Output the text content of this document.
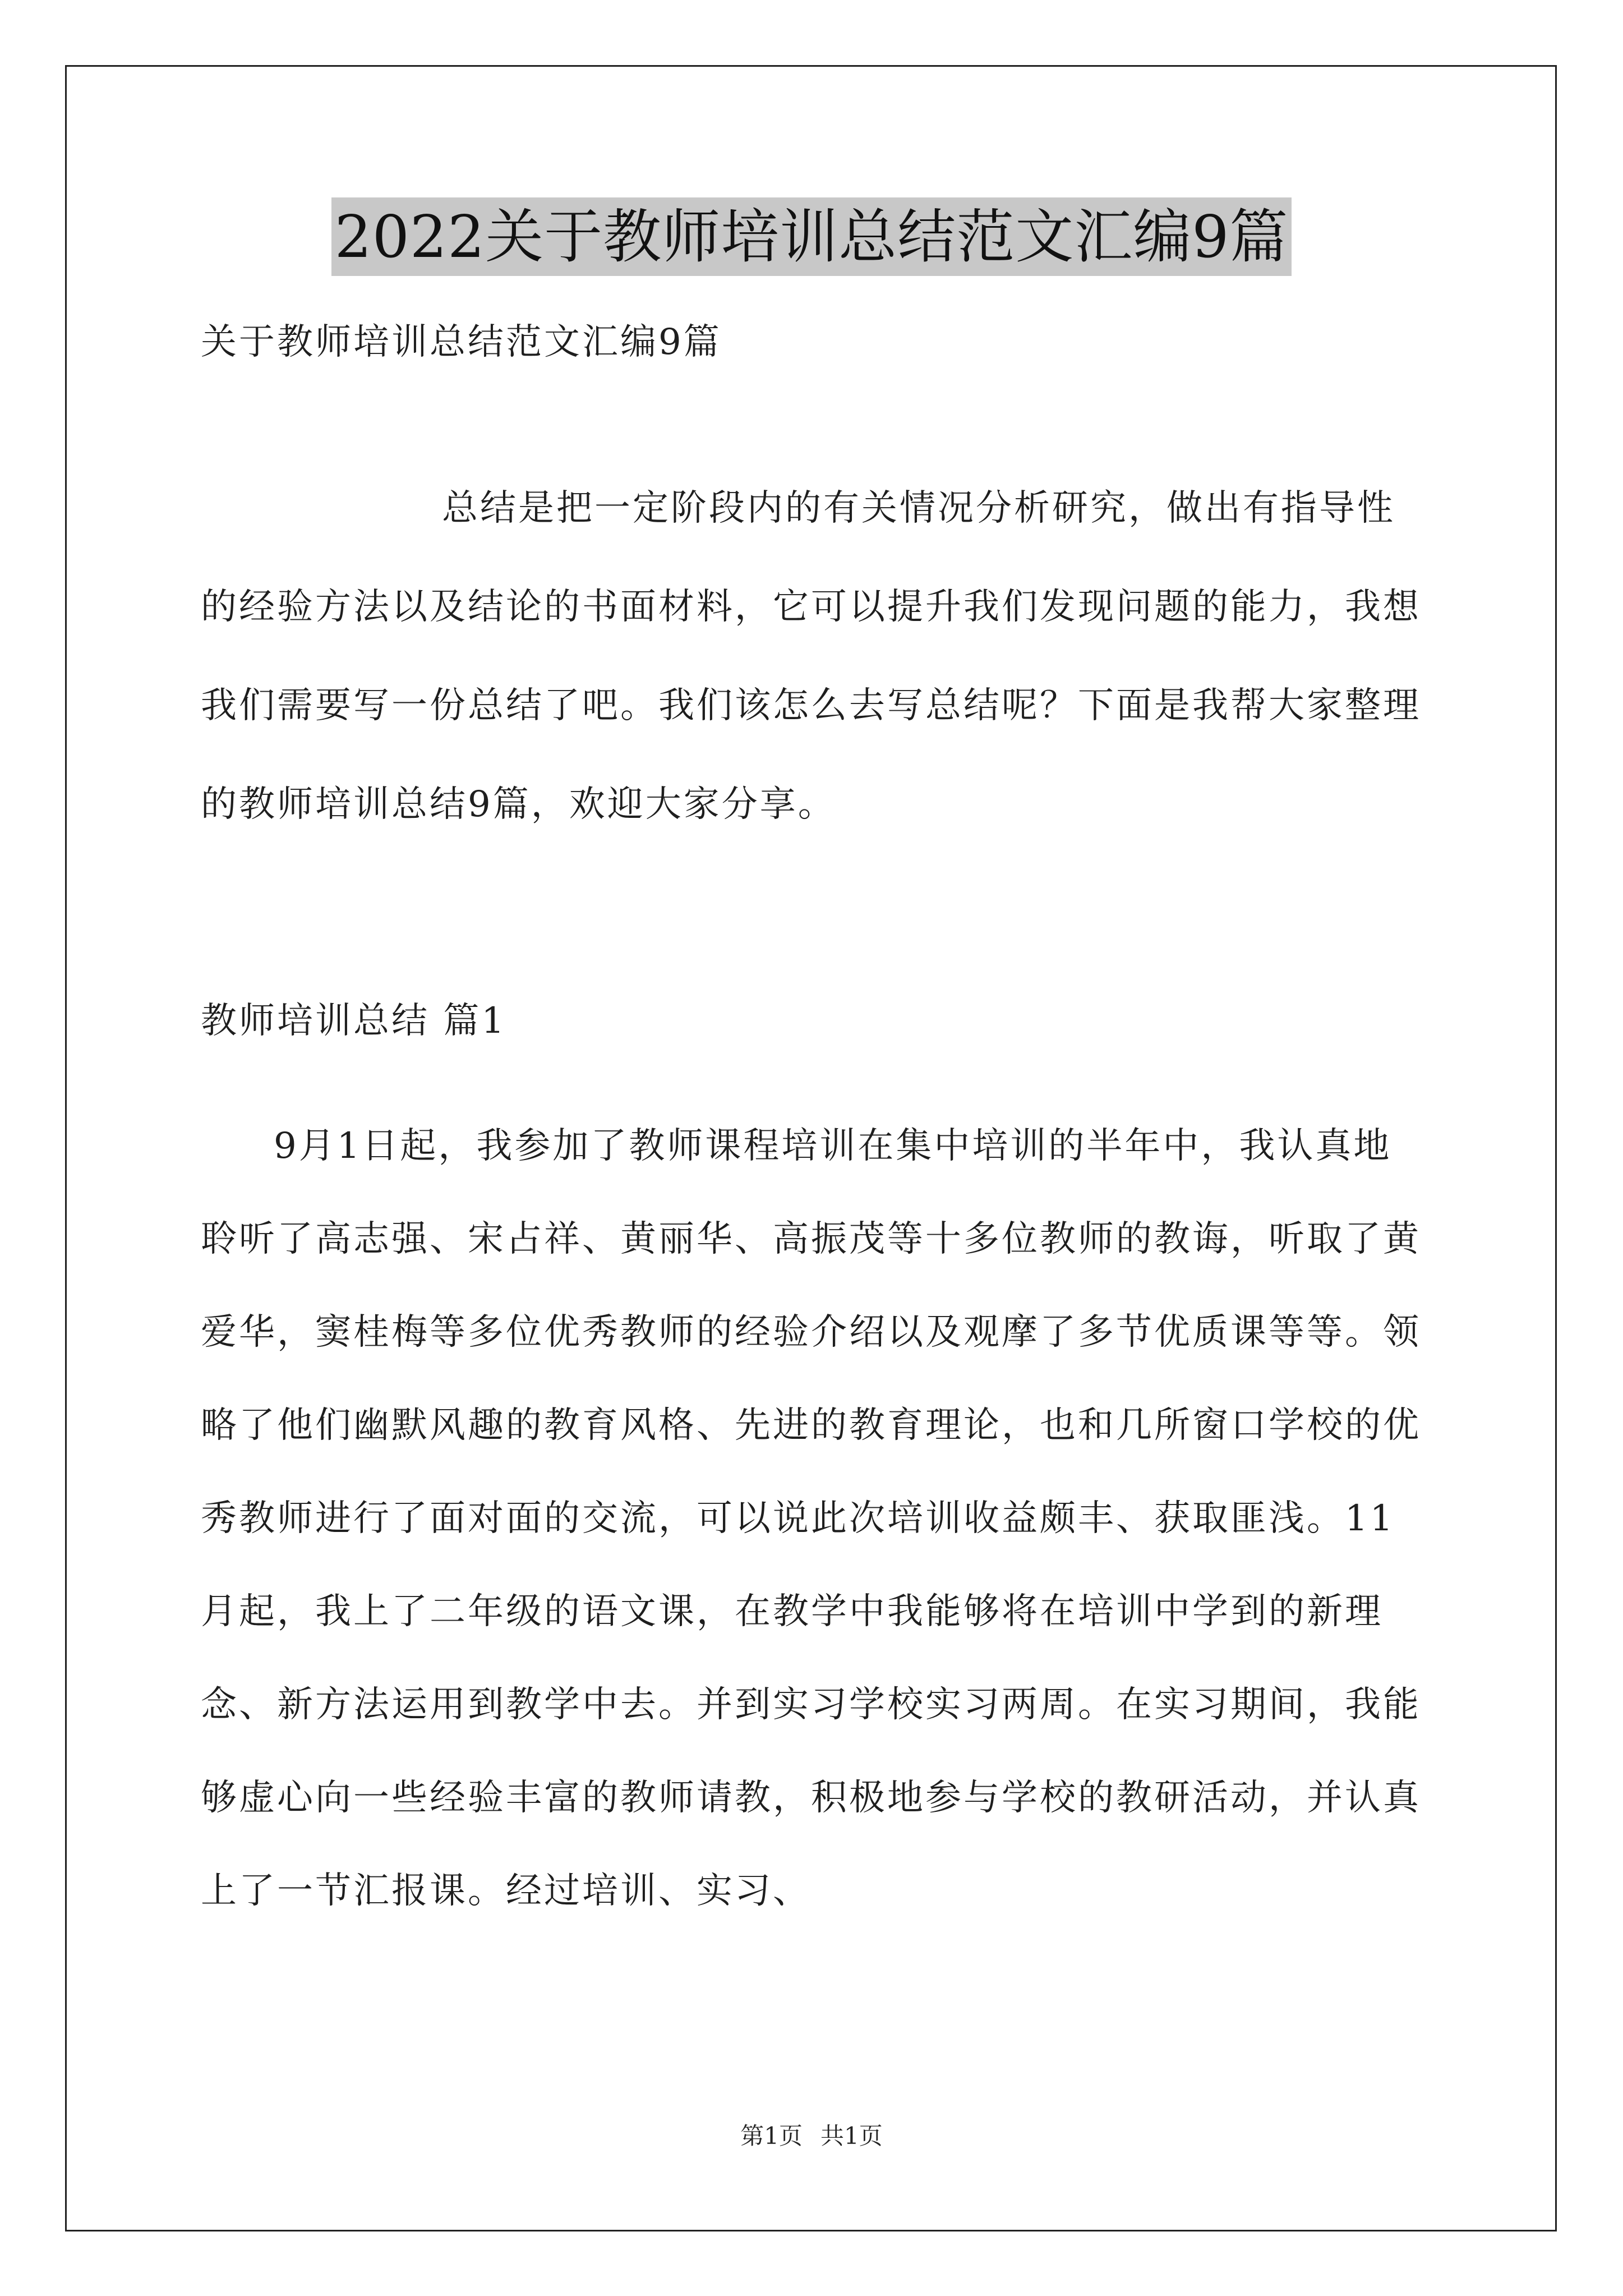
2022关于教师培训总结范文汇编9篇
关于教师培训总结范文汇编9篇
总结是把一定阶段内的有关情况分析研究，做出有指导性的经验方法以及结论的书面材料，它可以提升我们发现问题的能力，我想我们需要写一份总结了吧。我们该怎么去写总结呢？下面是我帮大家整理的教师培训总结9篇，欢迎大家分享。
教师培训总结 篇1
9月1日起，我参加了教师课程培训在集中培训的半年中，我认真地聆听了高志强、宋占祥、黄丽华、高振茂等十多位教师的教诲，听取了黄爱华，窦桂梅等多位优秀教师的经验介绍以及观摩了多节优质课等等。领略了他们幽默风趣的教育风格、先进的教育理论，也和几所窗口学校的优秀教师进行了面对面的交流，可以说此次培训收益颇丰、获取匪浅。11月起，我上了二年级的语文课，在教学中我能够将在培训中学到的新理念、新方法运用到教学中去。并到实习学校实习两周。在实习期间，我能够虚心向一些经验丰富的教师请教，积极地参与学校的教研活动，并认真上了一节汇报课。经过培训、实习、
第1页 共1页
